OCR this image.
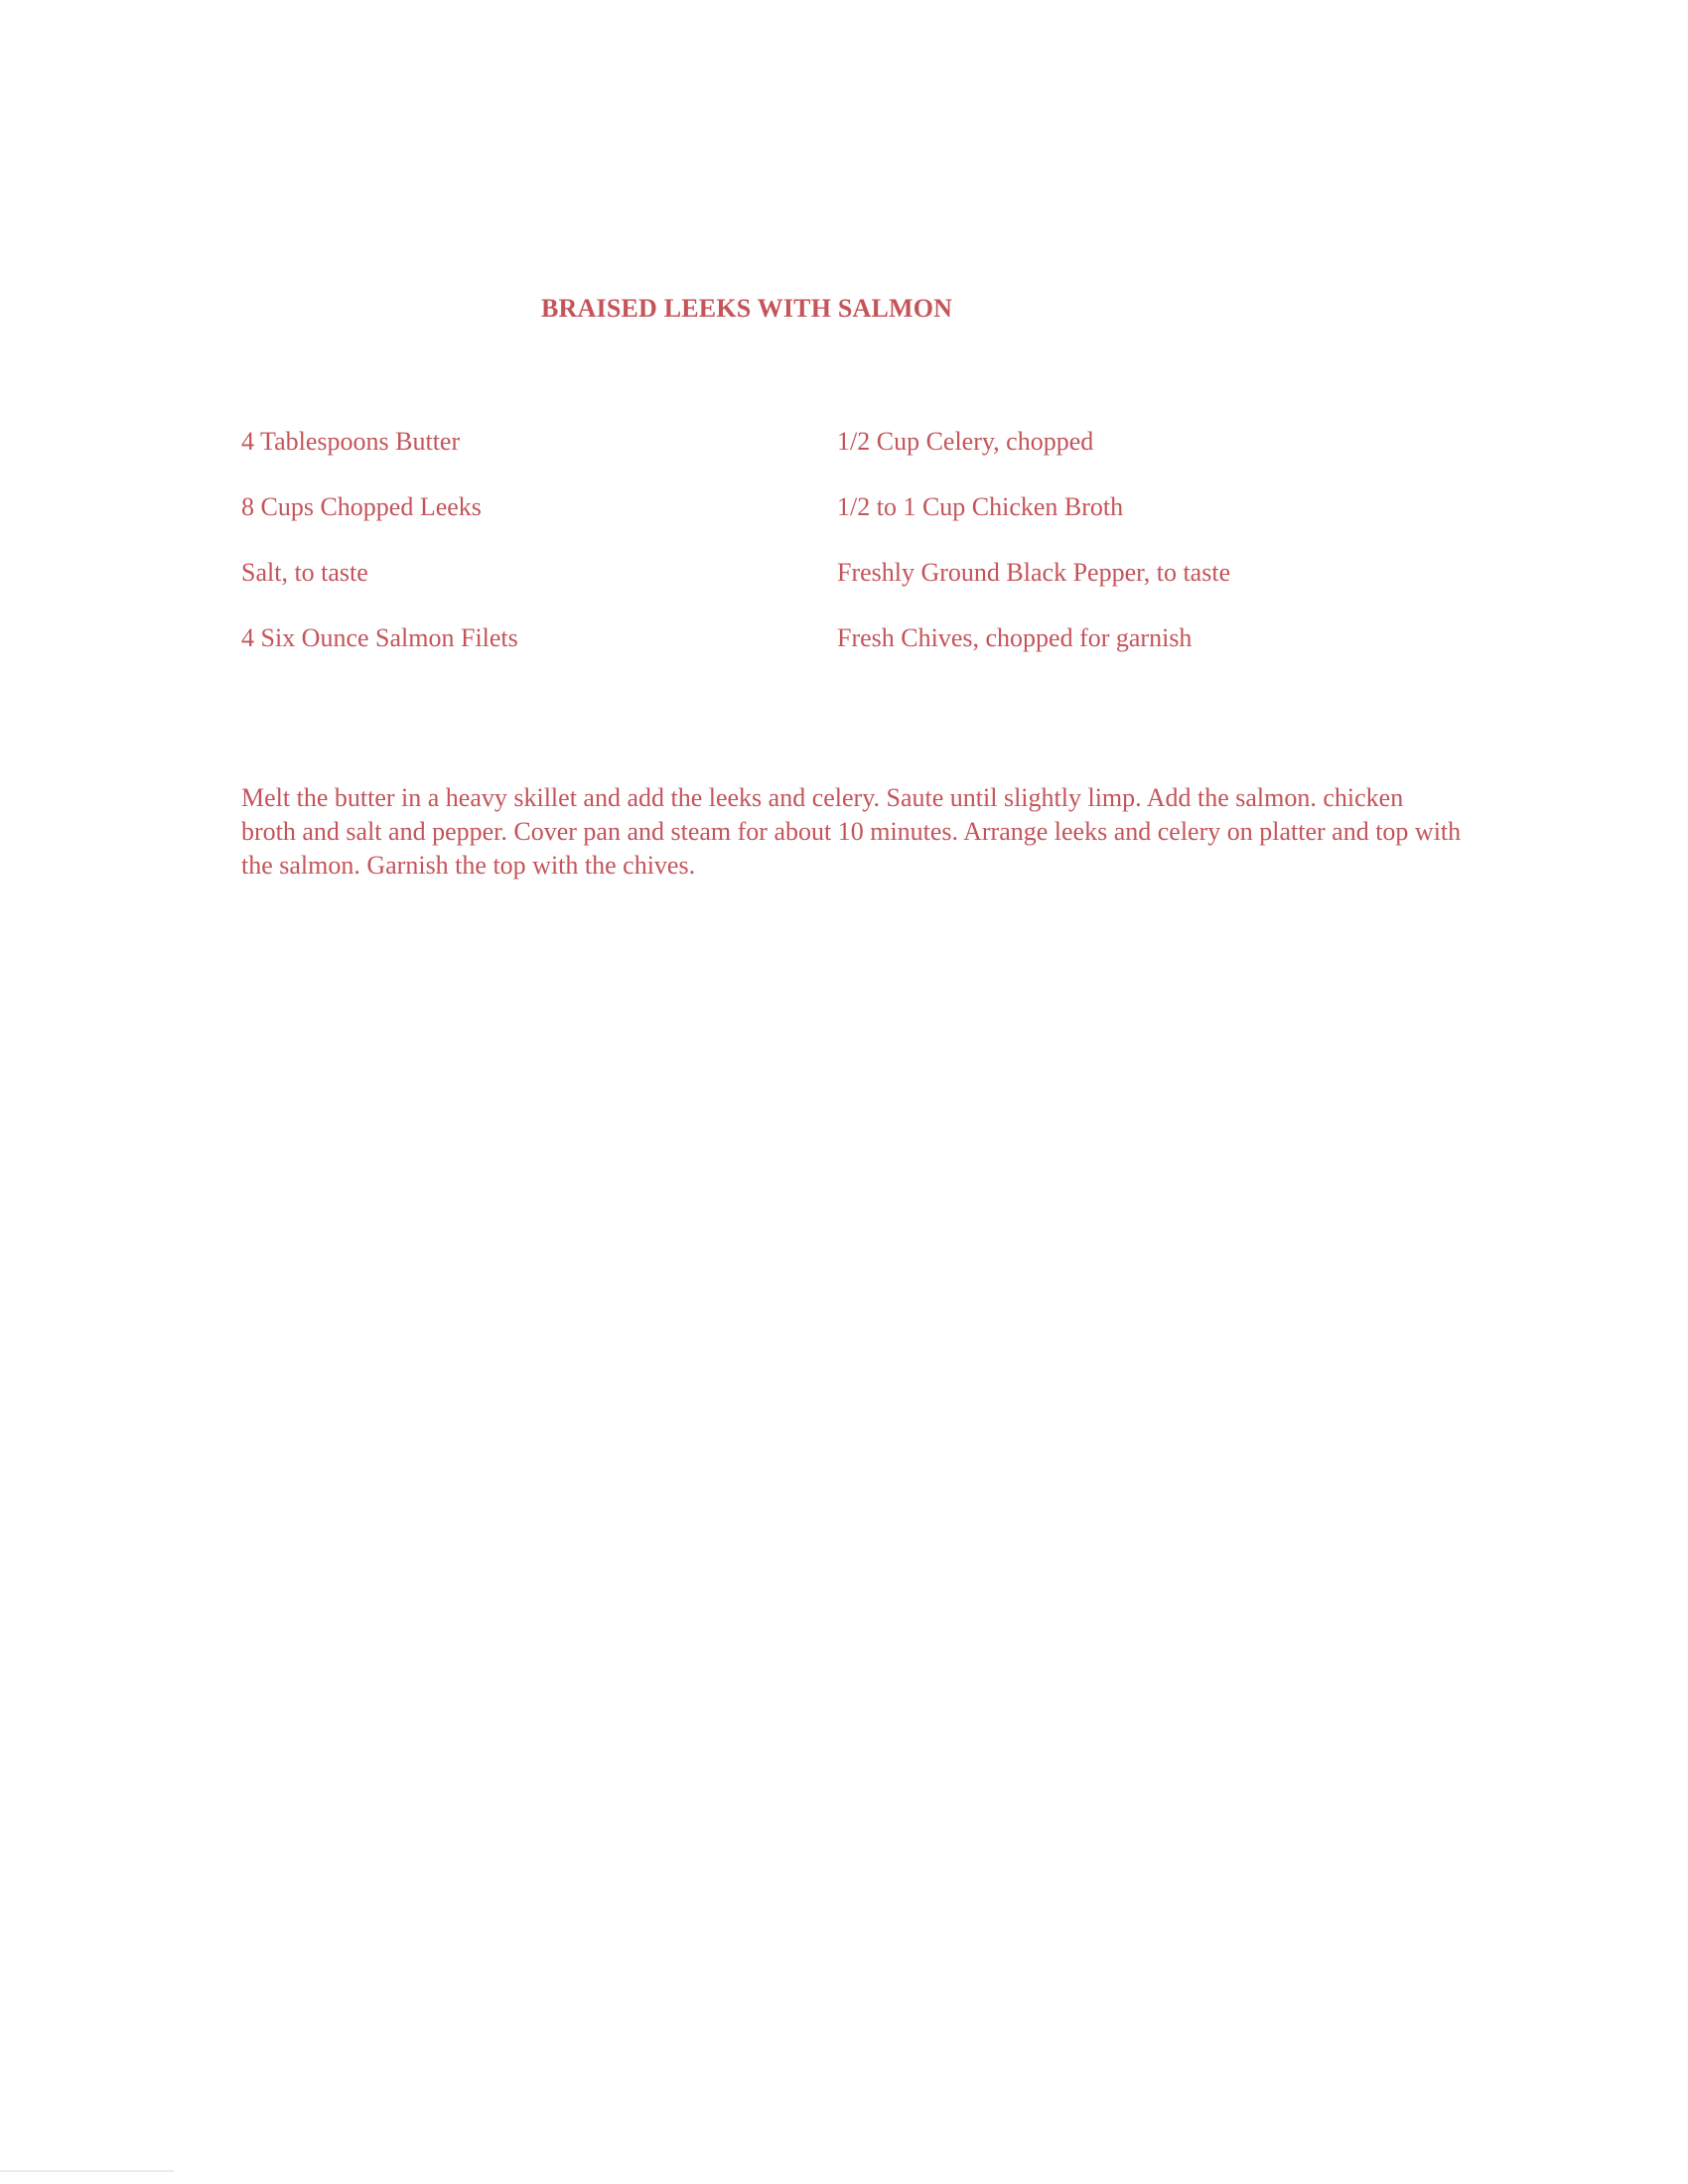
BRAISED LEEKS WITH SALMON
4 Tablespoons Butter	1/2 Cup Celery, chopped
8 Cups Chopped Leeks	1/2 to 1 Cup Chicken Broth
Salt, to taste	Freshly Ground Black Pepper, to taste
4 Six Ounce Salmon Filets	Fresh Chives, chopped for garnish

Melt the butter in a heavy skillet and add the leeks and celery. Saute until slightly limp. Add the salmon. chicken broth and salt and pepper. Cover pan and steam for about 10 minutes. Arrange leeks and celery on platter and top with the salmon. Garnish the top with the chives.
